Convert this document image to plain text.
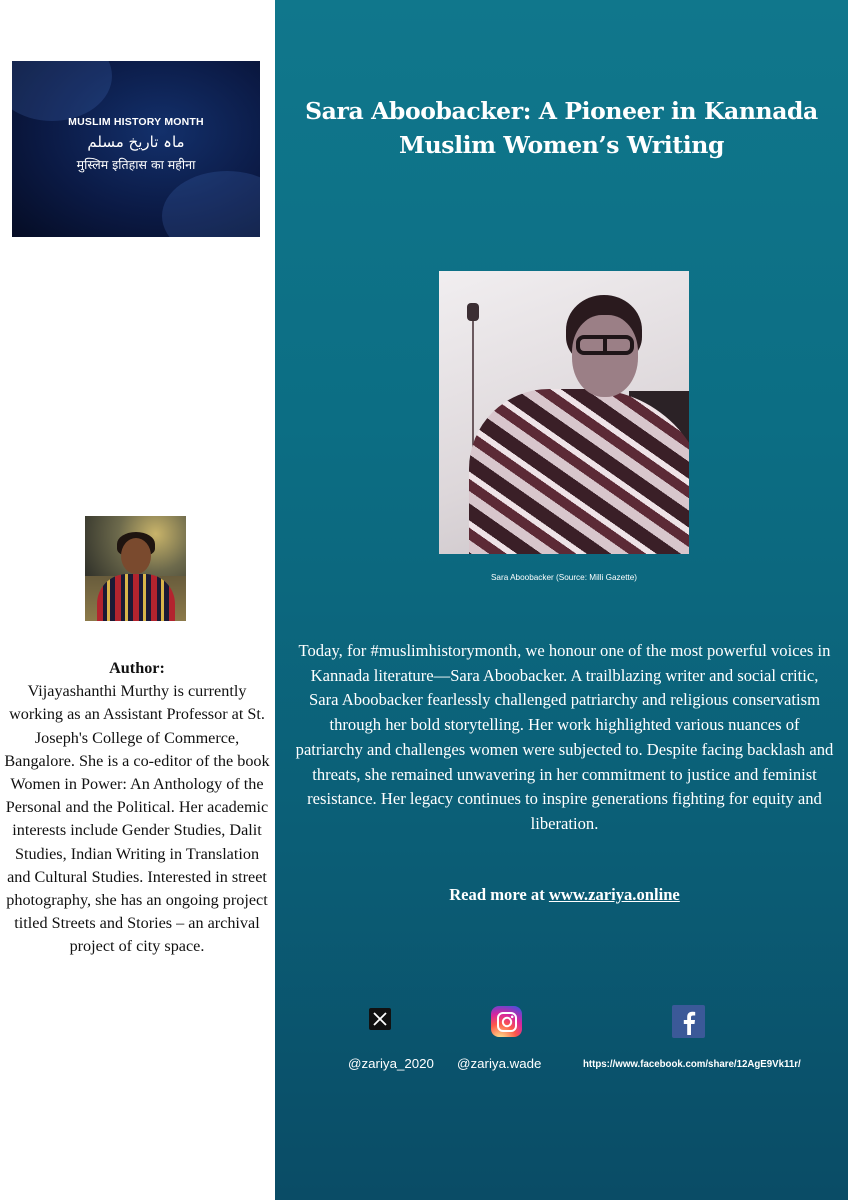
MUSLIM HISTORY MONTH
ماہ تاریخ مسلم
मुस्लिम इतिहास का महीना
Author:
Vijayashanthi Murthy is currently working as an Assistant Professor at St. Joseph's College of Commerce, Bangalore. She is a co-editor of the book Women in Power: An Anthology of the Personal and the Political. Her academic interests include Gender Studies, Dalit Studies, Indian Writing in Translation and Cultural Studies. Interested in street photography, she has an ongoing project titled Streets and Stories – an archival project of city space.
Sara Aboobacker: A Pioneer in Kannada Muslim Women’s Writing
Sara Aboobacker (Source: Milli Gazette)
Today, for #muslimhistorymonth, we honour one of the most powerful voices in Kannada literature—Sara Aboobacker. A trailblazing writer and social critic, Sara Aboobacker fearlessly challenged patriarchy and religious conservatism through her bold storytelling. Her work highlighted various nuances of patriarchy and challenges women were subjected to. Despite facing backlash and threats, she remained unwavering in her commitment to justice and feminist resistance. Her legacy continues to inspire generations fighting for equity and liberation.
Read more at www.zariya.online
@zariya_2020 @zariya.wade	https://www.facebook.com/share/12AgE9Vk11r/
